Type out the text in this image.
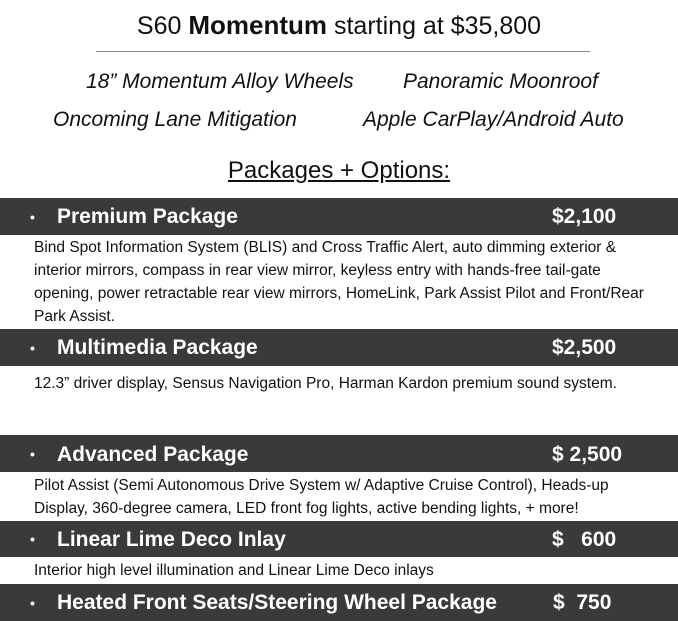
S60 Momentum starting at $35,800
18” Momentum Alloy Wheels Panoramic Moonroof
Oncoming Lane Mitigation	Apple CarPlay/Android Auto
Packages + Options:
• Premium Package	$2,100
Bind Spot Information System (BLIS) and Cross Traffic Alert, auto dimming exterior & interior mirrors, compass in rear view mirror, keyless entry with hands-free tail-gate opening, power retractable rear view mirrors, HomeLink, Park Assist Pilot and Front/Rear Park Assist.
• Multimedia Package	$2,500
12.3” driver display, Sensus Navigation Pro, Harman Kardon premium sound system.
• Advanced Package	$ 2,500
Pilot Assist (Semi Autonomous Drive System w/ Adaptive Cruise Control), Heads-up Display, 360-degree camera, LED front fog lights, active bending lights, + more!
• Linear Lime Deco Inlay	$   600
Interior high level illumination and Linear Lime Deco inlays
• Heated Front Seats/Steering Wheel Package	$  750
